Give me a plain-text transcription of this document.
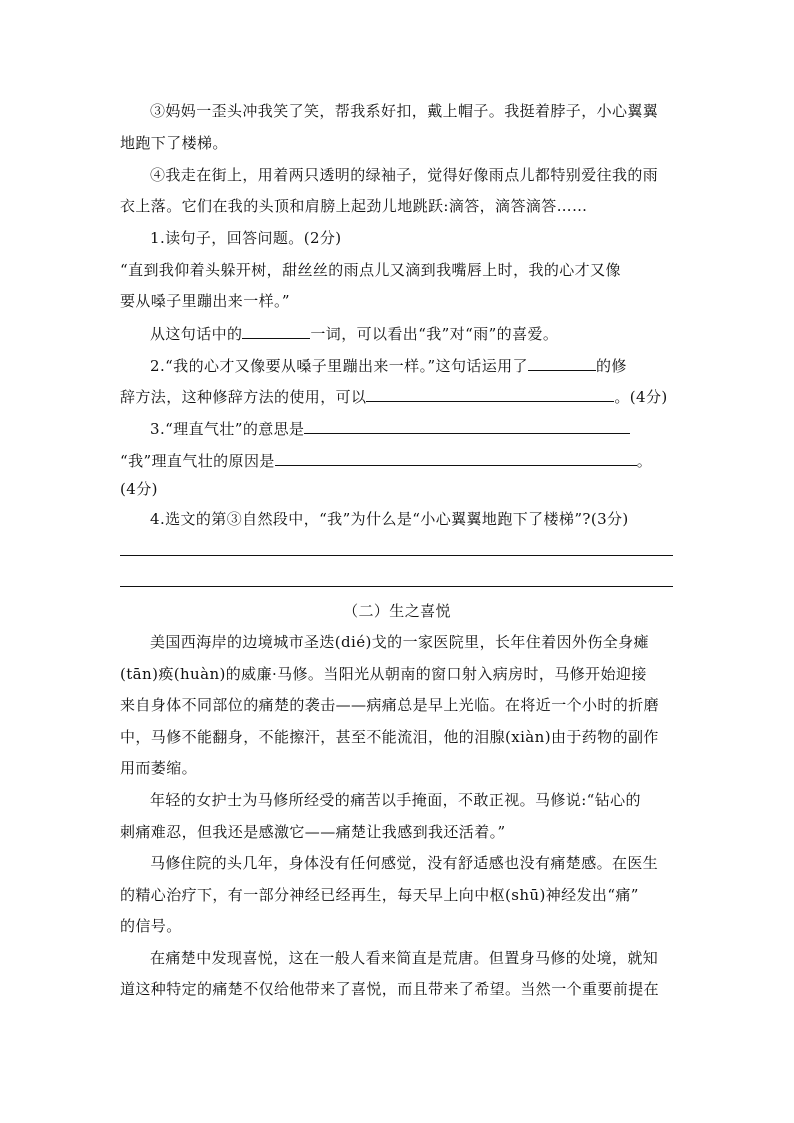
③妈妈一歪头冲我笑了笑，帮我系好扣，戴上帽子。我挺着脖子，小心翼翼
地跑下了楼梯。
④我走在街上，用着两只透明的绿袖子，觉得好像雨点儿都特别爱往我的雨
衣上落。它们在我的头顶和肩膀上起劲儿地跳跃:滴答，滴答滴答……
1.读句子，回答问题。(2分)
“直到我仰着头躲开树，甜丝丝的雨点儿又滴到我嘴唇上时，我的心才又像
要从嗓子里蹦出来一样。”
从这句话中的	一词，可以看出“我”对“雨”的喜爱。
2.“我的心才又像要从嗓子里蹦出来一样。”这句话运用了	的修
辞方法，这种修辞方法的使用，可以	。(4分)
3.“理直气壮”的意思是
“我”理直气壮的原因是	。
(4分)
4.选文的第③自然段中，“我”为什么是“小心翼翼地跑下了楼梯”?(3分)
（二）生之喜悦
美国西海岸的边境城市圣迭(dié)戈的一家医院里，长年住着因外伤全身瘫
(tān)痪(huàn)的威廉·马修。当阳光从朝南的窗口射入病房时，马修开始迎接
来自身体不同部位的痛楚的袭击——病痛总是早上光临。在将近一个小时的折磨
中，马修不能翻身，不能擦汗，甚至不能流泪，他的泪腺(xiàn)由于药物的副作
用而萎缩。
年轻的女护士为马修所经受的痛苦以手掩面，不敢正视。马修说:“钻心的
刺痛难忍，但我还是感激它——痛楚让我感到我还活着。”
马修住院的头几年，身体没有任何感觉，没有舒适感也没有痛楚感。在医生
的精心治疗下，有一部分神经已经再生，每天早上向中枢(shū)神经发出“痛”
的信号。
在痛楚中发现喜悦，这在一般人看来简直是荒唐。但置身马修的处境，就知
道这种特定的痛楚不仅给他带来了喜悦，而且带来了希望。当然一个重要前提在
